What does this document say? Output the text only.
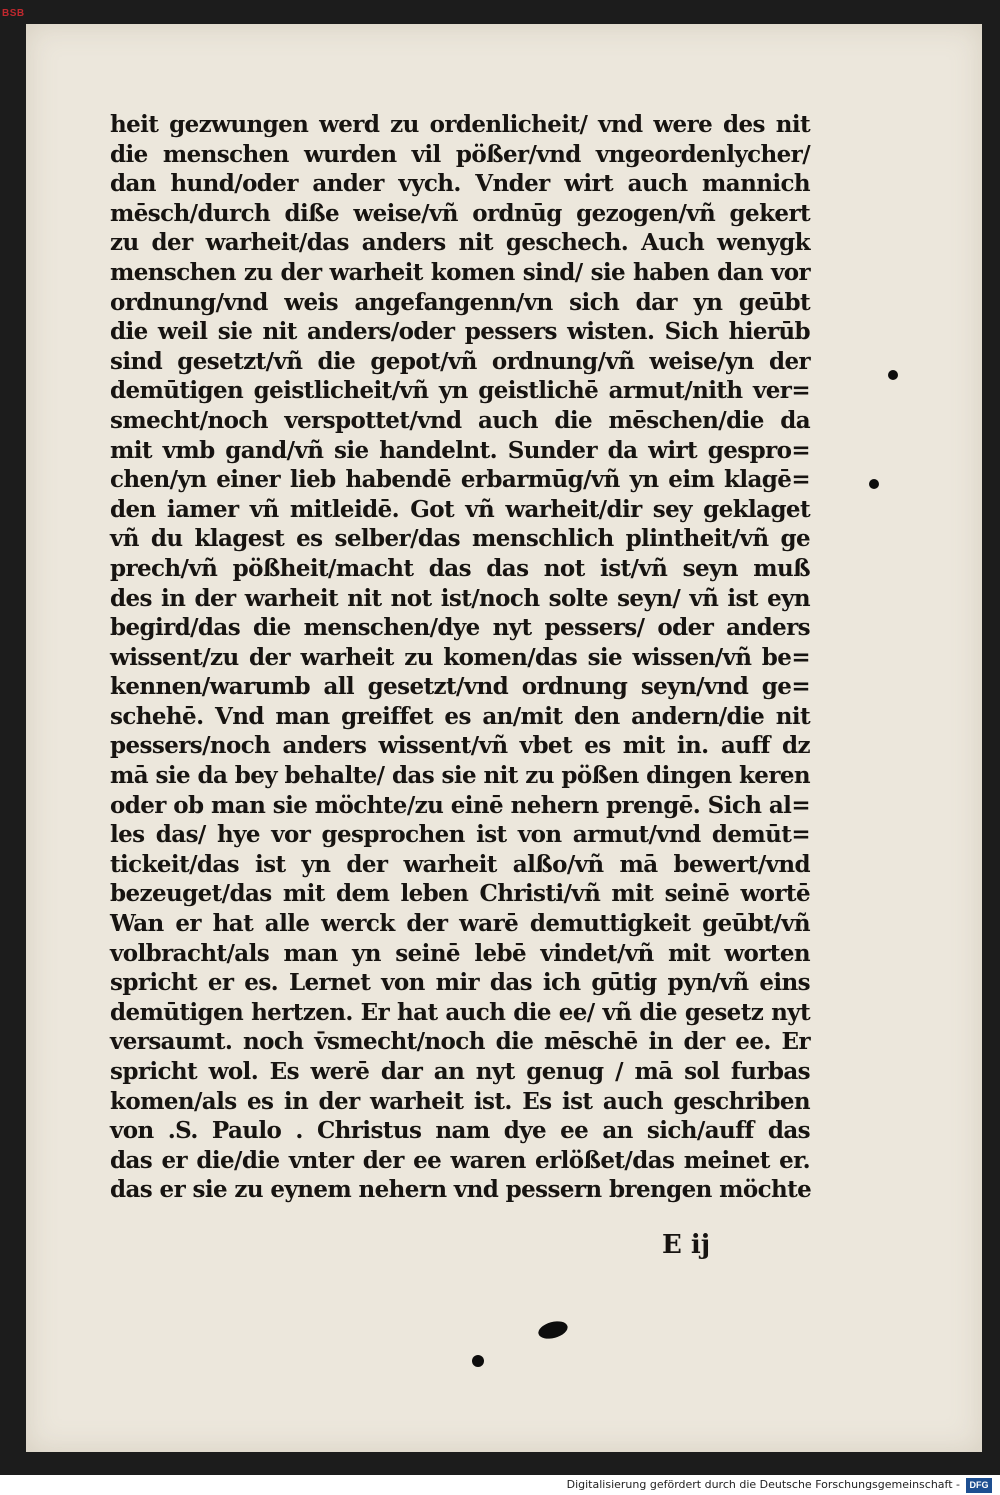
BSB
heit gezwungen werd zu ordenlicheit/ vnd were des nit
die menschen wurden vil pößer/vnd vngeordenlycher/
dan hund/oder ander vych. Vnder wirt auch mannich
mēsch/durch diße weise/vñ ordnūg gezogen/vñ gekert
zu der warheit/das anders nit geschech. Auch wenygk
menschen zu der warheit komen sind/ sie haben dan vor
ordnung/vnd weis angefangenn/vn sich dar yn geūbt
die weil sie nit anders/oder pessers wisten. Sich hierūb
sind gesetzt/vñ die gepot/vñ ordnung/vñ weise/yn der
demūtigen geistlicheit/vñ yn geistlichē armut/nith ver=
smecht/noch verspottet/vnd auch die mēschen/die da
mit vmb gand/vñ sie handelnt. Sunder da wirt gespro=
chen/yn einer lieb habendē erbarmūg/vñ yn eim klagē=
den iamer vñ mitleidē. Got vñ warheit/dir sey geklaget
vñ du klagest es selber/das menschlich plintheit/vñ ge
prech/vñ pößheit/macht das das not ist/vñ seyn muß
des in der warheit nit not ist/noch solte seyn/ vñ ist eyn
begird/das die menschen/dye nyt pessers/ oder anders
wissent/zu der warheit zu komen/das sie wissen/vñ be=
kennen/warumb all gesetzt/vnd ordnung seyn/vnd ge=
schehē. Vnd man greiffet es an/mit den andern/die nit
pessers/noch anders wissent/vñ vbet es mit in. auff dz
mā sie da bey behalte/ das sie nit zu pößen dingen keren
oder ob man sie möchte/zu einē nehern prengē. Sich al=
les das/ hye vor gesprochen ist von armut/vnd demūt=
tickeit/das ist yn der warheit alßo/vñ mā bewert/vnd
bezeuget/das mit dem leben Christi/vñ mit seinē wortē
Wan er hat alle werck der warē demuttigkeit geūbt/vñ
volbracht/als man yn seinē lebē vindet/vñ mit worten
spricht er es. Lernet von mir das ich gūtig pyn/vñ eins
demūtigen hertzen. Er hat auch die ee/ vñ die gesetz nyt
versaumt. noch v̄smecht/noch die mēschē in der ee. Er
spricht wol. Es werē dar an nyt genug / mā sol furbas
komen/als es in der warheit ist. Es ist auch geschriben
von .S. Paulo . Christus nam dye ee an sich/auff das
das er die/die vnter der ee waren erlößet/das meinet er.
das er sie zu eynem nehern vnd pessern brengen möchte
E ij
Digitalisierung gefördert durch die Deutsche Forschungsgemeinschaft -	DFG
